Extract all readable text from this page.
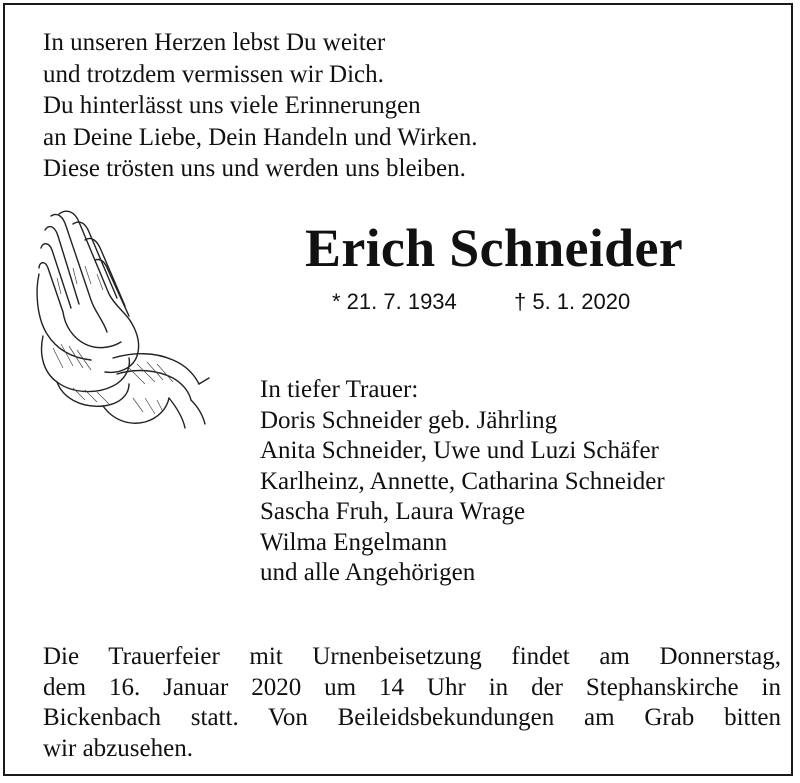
In unseren Herzen lebst Du weiter
und trotzdem vermissen wir Dich.
Du hinterlässt uns viele Erinnerungen
an Deine Liebe, Dein Handeln und Wirken.
Diese trösten uns und werden uns bleiben.
Erich Schneider
* 21. 7. 1934	† 5. 1. 2020
In tiefer Trauer:
Doris Schneider geb. Jährling
Anita Schneider, Uwe und Luzi Schäfer
Karlheinz, Annette, Catharina Schneider
Sascha Fruh, Laura Wrage
Wilma Engelmann
und alle Angehörigen
Die Trauerfeier mit Urnenbeisetzung findet am Donnerstag,
dem 16. Januar 2020 um 14 Uhr in der Stephanskirche in
Bickenbach statt. Von Beileidsbekundungen am Grab bitten
wir abzusehen.
